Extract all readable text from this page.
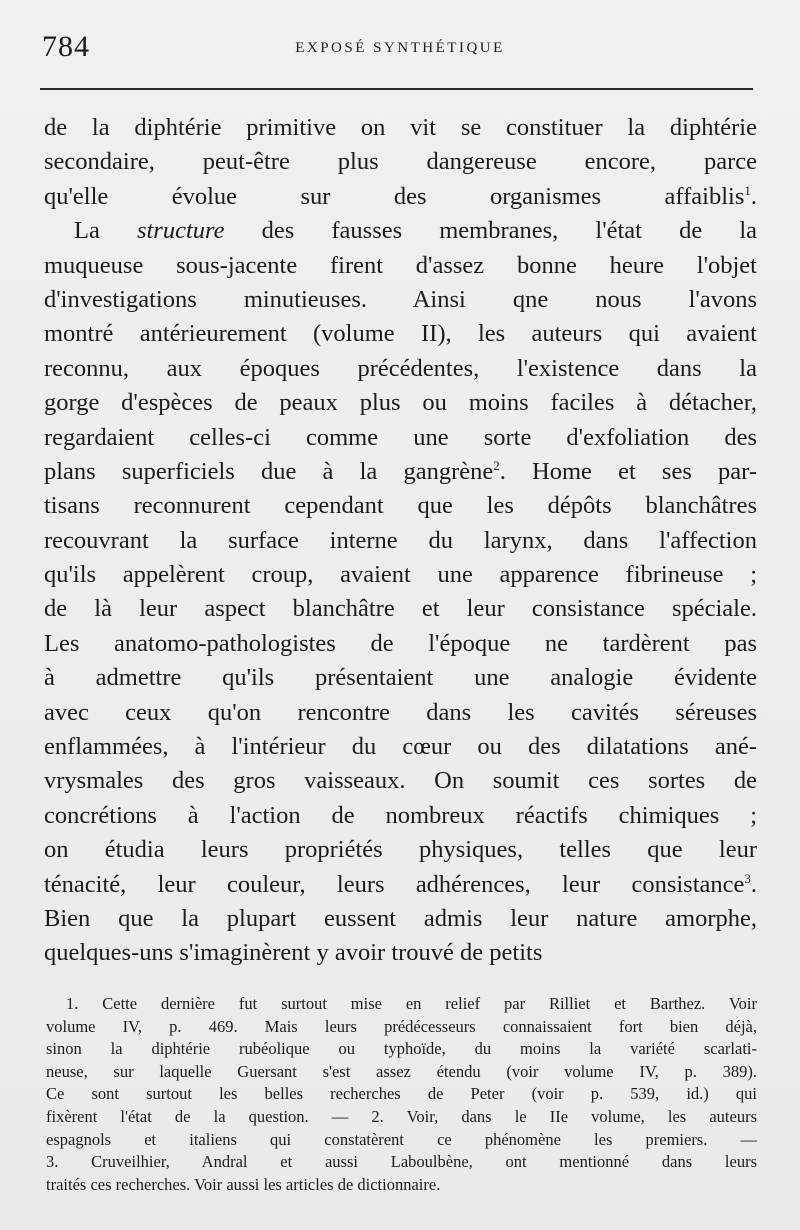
784	EXPOSÉ SYNTHÉTIQUE
de la diphtérie primitive on vit se constituer la diphtérie
secondaire, peut-être plus dangereuse encore, parce
qu'elle évolue sur des organismes affaiblis$^1$.
La structure des fausses membranes, l'état de la
muqueuse sous-jacente firent d'assez bonne heure l'objet
d'investigations minutieuses. Ainsi qne nous l'avons
montré antérieurement (volume II), les auteurs qui avaient
reconnu, aux époques précédentes, l'existence dans la
gorge d'espèces de peaux plus ou moins faciles à détacher,
regardaient celles-ci comme une sorte d'exfoliation des
plans superficiels due à la gangrène$^2$. Home et ses par-
tisans reconnurent cependant que les dépôts blanchâtres
recouvrant la surface interne du larynx, dans l'affection
qu'ils appelèrent croup, avaient une apparence fibrineuse ;
de là leur aspect blanchâtre et leur consistance spéciale.
Les anatomo-pathologistes de l'époque ne tardèrent pas
à admettre qu'ils présentaient une analogie évidente
avec ceux qu'on rencontre dans les cavités séreuses
enflammées, à l'intérieur du cœur ou des dilatations ané-
vrysmales des gros vaisseaux. On soumit ces sortes de
concrétions à l'action de nombreux réactifs chimiques ;
on étudia leurs propriétés physiques, telles que leur
ténacité, leur couleur, leurs adhérences, leur consistance$^3$.
Bien que la plupart eussent admis leur nature amorphe,
quelques-uns s'imaginèrent y avoir trouvé de petits
1. Cette dernière fut surtout mise en relief par Rilliet et Barthez. Voir
volume IV, p. 469. Mais leurs prédécesseurs connaissaient fort bien déjà,
sinon la diphtérie rubéolique ou typhoïde, du moins la variété scarlati-
neuse, sur laquelle Guersant s'est assez étendu (voir volume IV, p. 389).
Ce sont surtout les belles recherches de Peter (voir p. 539, id.) qui
fixèrent l'état de la question. — 2. Voir, dans le IIe volume, les auteurs
espagnols et italiens qui constatèrent ce phénomène les premiers. —
3. Cruveilhier, Andral et aussi Laboulbène, ont mentionné dans leurs
traités ces recherches. Voir aussi les articles de dictionnaire.
